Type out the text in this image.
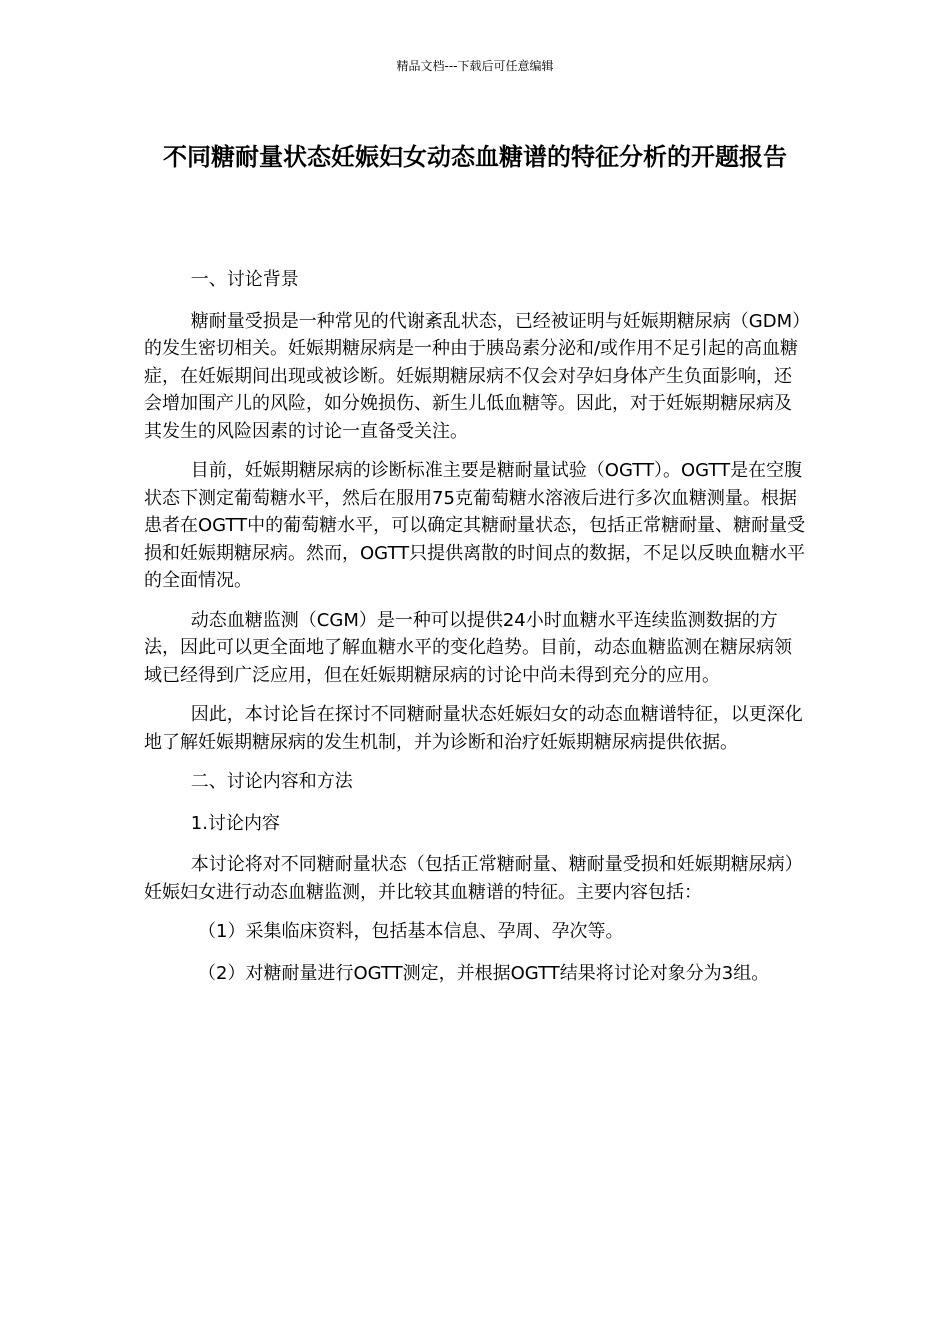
精品文档---下载后可任意编辑
不同糖耐量状态妊娠妇女动态血糖谱的特征分析的开题报告

一、讨论背景

糖耐量受损是一种常见的代谢紊乱状态，已经被证明与妊娠期糖尿病（GDM）的发生密切相关。妊娠期糖尿病是一种由于胰岛素分泌和/或作用不足引起的高血糖症，在妊娠期间出现或被诊断。妊娠期糖尿病不仅会对孕妇身体产生负面影响，还会增加围产儿的风险，如分娩损伤、新生儿低血糖等。因此，对于妊娠期糖尿病及其发生的风险因素的讨论一直备受关注。

目前，妊娠期糖尿病的诊断标准主要是糖耐量试验（OGTT）。OGTT是在空腹状态下测定葡萄糖水平，然后在服用75克葡萄糖水溶液后进行多次血糖测量。根据患者在OGTT中的葡萄糖水平，可以确定其糖耐量状态，包括正常糖耐量、糖耐量受损和妊娠期糖尿病。然而，OGTT只提供离散的时间点的数据，不足以反映血糖水平的全面情况。

动态血糖监测（CGM）是一种可以提供24小时血糖水平连续监测数据的方法，因此可以更全面地了解血糖水平的变化趋势。目前，动态血糖监测在糖尿病领域已经得到广泛应用，但在妊娠期糖尿病的讨论中尚未得到充分的应用。

因此，本讨论旨在探讨不同糖耐量状态妊娠妇女的动态血糖谱特征，以更深化地了解妊娠期糖尿病的发生机制，并为诊断和治疗妊娠期糖尿病提供依据。

二、讨论内容和方法

1.讨论内容

本讨论将对不同糖耐量状态（包括正常糖耐量、糖耐量受损和妊娠期糖尿病）妊娠妇女进行动态血糖监测，并比较其血糖谱的特征。主要内容包括：

（1）采集临床资料，包括基本信息、孕周、孕次等。

（2）对糖耐量进行OGTT测定，并根据OGTT结果将讨论对象分为3组。
